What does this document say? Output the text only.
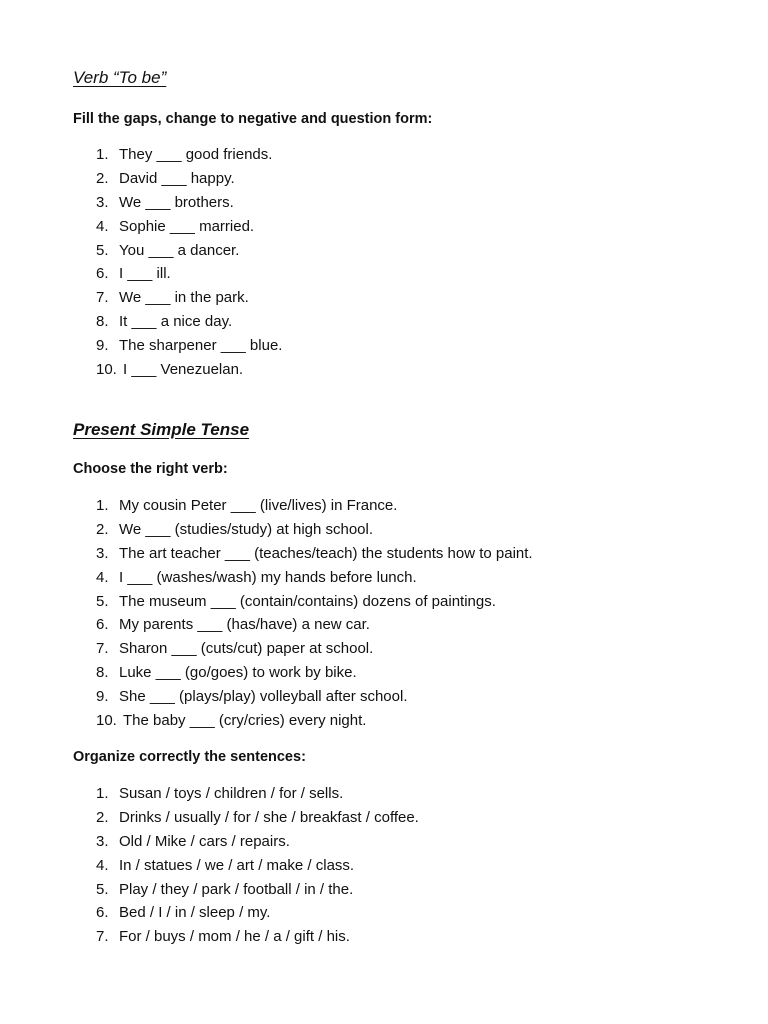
Verb “To be”

Fill the gaps, change to negative and question form:

1. They ___ good friends.
2. David ___ happy.
3. We ___ brothers.
4. Sophie ___ married.
5. You ___ a dancer.
6. I ___ ill.
7. We ___ in the park.
8. It ___ a nice day.
9. The sharpener ___ blue.
10. I ___ Venezuelan.
Present Simple Tense

Choose the right verb:

1. My cousin Peter ___ (live/lives) in France.
2. We ___ (studies/study) at high school.
3. The art teacher ___ (teaches/teach) the students how to paint.
4. I ___ (washes/wash) my hands before lunch.
5. The museum ___ (contain/contains) dozens of paintings.
6. My parents ___ (has/have) a new car.
7. Sharon ___ (cuts/cut) paper at school.
8. Luke ___ (go/goes) to work by bike.
9. She ___ (plays/play) volleyball after school.
10. The baby ___ (cry/cries) every night.

Organize correctly the sentences:

1. Susan / toys / children / for / sells.
2. Drinks / usually / for / she / breakfast / coffee.
3. Old / Mike / cars / repairs.
4. In / statues / we / art / make / class.
5. Play / they / park / football / in / the.
6. Bed / I / in / sleep / my.
7. For / buys / mom / he / a / gift / his.
